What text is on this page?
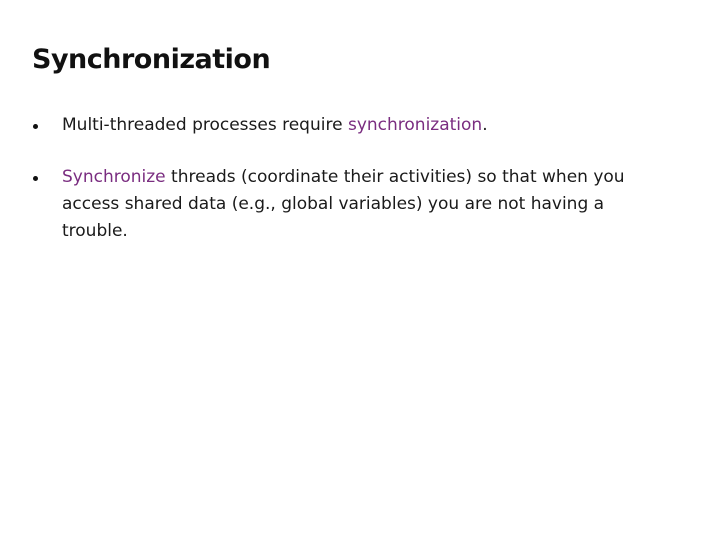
Synchronization
Multi-threaded processes require synchronization.
Synchronize threads (coordinate their activities) so that when you access shared data (e.g., global variables) you are not having a trouble.
